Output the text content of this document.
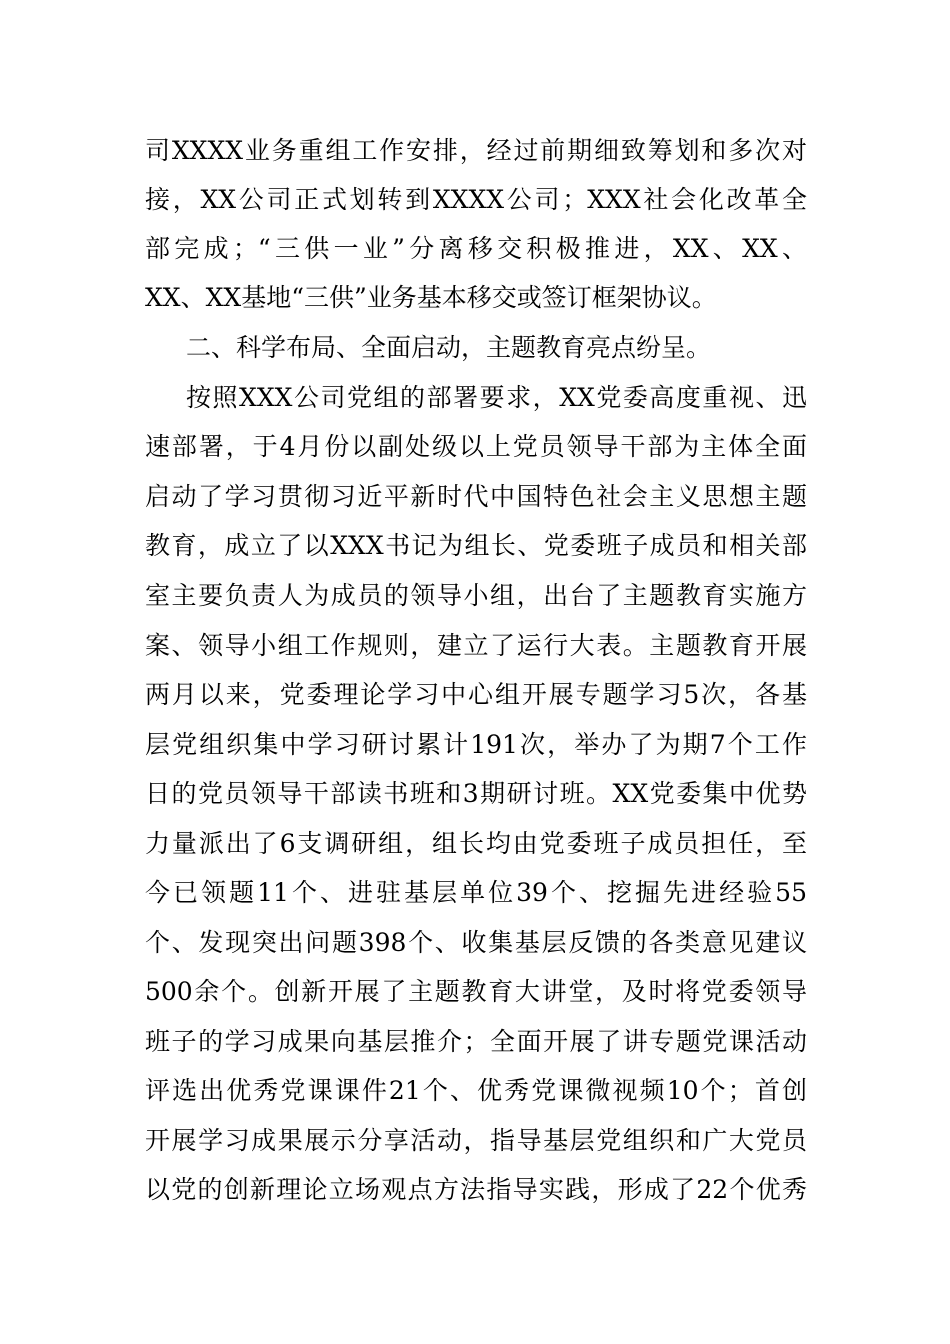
司XXXX业务重组工作安排，经过前期细致筹划和多次对
接，XX公司正式划转到XXXX公司；XXX社会化改革全
部完成；“三供一业”分离移交积极推进，XX、XX、
XX、XX基地“三供”业务基本移交或签订框架协议。
二、科学布局、全面启动，主题教育亮点纷呈。
按照XXX公司党组的部署要求，XX党委高度重视、迅
速部署，于4月份以副处级以上党员领导干部为主体全面
启动了学习贯彻习近平新时代中国特色社会主义思想主题
教育，成立了以XXX书记为组长、党委班子成员和相关部
室主要负责人为成员的领导小组，出台了主题教育实施方
案、领导小组工作规则，建立了运行大表。主题教育开展
两月以来，党委理论学习中心组开展专题学习5次，各基
层党组织集中学习研讨累计191次，举办了为期7个工作
日的党员领导干部读书班和3期研讨班。XX党委集中优势
力量派出了6支调研组，组长均由党委班子成员担任，至
今已领题11个、进驻基层单位39个、挖掘先进经验55
个、发现突出问题398个、收集基层反馈的各类意见建议
500余个。创新开展了主题教育大讲堂，及时将党委领导
班子的学习成果向基层推介；全面开展了讲专题党课活动
评选出优秀党课课件21个、优秀党课微视频10个；首创
开展学习成果展示分享活动，指导基层党组织和广大党员
以党的创新理论立场观点方法指导实践，形成了22个优秀
